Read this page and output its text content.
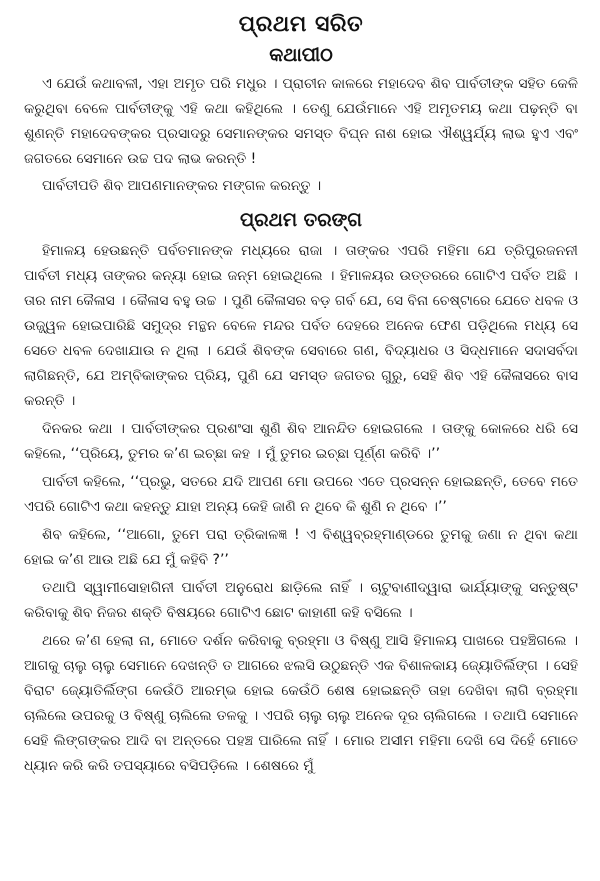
ପ୍ରଥମ ସରିତ
କଥାପୀଠ

ଏ ଯେଉଁ କଥାବଳୀ, ଏହା ଅମୃତ ପରି ମଧୁର । ପ୍ରାଚୀନ କାଳରେ ମହାଦେବ ଶିବ ପାର୍ବତୀଙ୍କ ସହିତ କେଳି କରୁଥିବା ବେଳେ ପାର୍ବତୀଙ୍କୁ ଏହି କଥା କହିଥିଲେ । ତେଣୁ ଯେଉଁମାନେ ଏହି ଅମୃତମୟ କଥା ପଢ଼ନ୍ତି ବା ଶୁଣନ୍ତି ମହାଦେବଙ୍କର ପ୍ରସାଦରୁ ସେମାନଙ୍କର ସମସ୍ତ ବିଘ୍ନ ନାଶ ହୋଇ ଐଶ୍ୱର୍ଯ୍ୟ ଲାଭ ହୁଏ ଏବଂ ଜଗତରେ ସେମାନେ ଉଚ୍ଚ ପଦ ଲାଭ କରନ୍ତି !

ପାର୍ବତୀପତି ଶିବ ଆପଣମାନଙ୍କର ମଙ୍ଗଳ କରନ୍ତୁ ।

ପ୍ରଥମ ତରଙ୍ଗ

ହିମାଳୟ ହେଉଛନ୍ତି ପର୍ବତମାନଙ୍କ ମଧ୍ୟରେ ରାଜା । ତାଙ୍କର ଏପରି ମହିମା ଯେ ତ୍ରିପୁରଜନନୀ ପାର୍ବତୀ ମଧ୍ୟ ତାଙ୍କର କନ୍ୟା ହୋଇ ଜନ୍ମ ହୋଇଥିଲେ । ହିମାଳୟର ଉତ୍ତରରେ ଗୋଟିଏ ପର୍ବତ ଅଛି । ତାର ନାମ କୈଳାସ । କୈଳାସ ବହୁ ଉଚ୍ଚ । ପୁଣି କୈଳାସର ବଡ଼ ଗର୍ବ ଯେ, ସେ ବିନା ଚେଷ୍ଟାରେ ଯେତେ ଧବଳ ଓ ଉଜ୍ଜ୍ୱଳ ହୋଇପାରିଛି ସମୁଦ୍ର ମନ୍ଥନ ବେଳେ ମନ୍ଦର ପର୍ବତ ଦେହରେ ଅନେକ ଫେଣ ପଡ଼ିଥିଲେ ମଧ୍ୟ ସେ ସେତେ ଧବଳ ଦେଖାଯାଉ ନ ଥିଲା । ଯେଉଁ ଶିବଙ୍କ ସେବାରେ ଗଣ, ବିଦ୍ୟାଧର ଓ ସିଦ୍ଧମାନେ ସଦାସର୍ବଦା ଲାଗିଛନ୍ତି, ଯେ ଅମ୍ବିକାଙ୍କର ପ୍ରିୟ, ପୁଣି ଯେ ସମସ୍ତ ଜଗତର ଗୁରୁ, ସେହି ଶିବ ଏହି କୈଳାସରେ ବାସ କରନ୍ତି ।

ଦିନକର କଥା । ପାର୍ବତୀଙ୍କର ପ୍ରଶଂସା ଶୁଣି ଶିବ ଆନନ୍ଦିତ ହୋଇଗଲେ । ତାଙ୍କୁ କୋଳରେ ଧରି ସେ କହିଲେ, ‘‘ପ୍ରିୟେ, ତୁମର କ’ଣ ଇଚ୍ଛା କହ । ମୁଁ ତୁମର ଇଚ୍ଛା ପୂର୍ଣ୍ଣ କରିବି ।’’

ପାର୍ବତୀ କହିଲେ, ‘‘ପ୍ରଭୁ, ସତରେ ଯଦି ଆପଣ ମୋ ଉପରେ ଏତେ ପ୍ରସନ୍ନ ହୋଇଛନ୍ତି, ତେବେ ମତେ ଏପରି ଗୋଟିଏ କଥା କହନ୍ତୁ ଯାହା ଅନ୍ୟ କେହି ଜାଣି ନ ଥିବେ କି ଶୁଣି ନ ଥିବେ ।’’

ଶିବ କହିଲେ, ‘‘ଆଗୋ, ତୁମେ ପରା ତ୍ରିକାଳଜ୍ଞ ! ଏ ବିଶ୍ୱବ୍ରହ୍ମାଣ୍ଡରେ ତୁମକୁ ଜଣା ନ ଥିବା କଥା ହୋଇ କ’ଣ ଆଉ ଅଛି ଯେ ମୁଁ କହିବି ?’’

ତଥାପି ସ୍ୱାମୀସୋହାଗିନୀ ପାର୍ବତୀ ଅନୁରୋଧ ଛାଡ଼ିଲେ ନାହିଁ । ଚାଟୁବାଣୀଦ୍ୱାରା ଭାର୍ଯ୍ୟାଙ୍କୁ ସନ୍ତୁଷ୍ଟ କରିବାକୁ ଶିବ ନିଜର ଶକ୍ତି ବିଷୟରେ ଗୋଟିଏ ଛୋଟ କାହାଣୀ କହି ବସିଲେ ।

ଥରେ କ’ଣ ହେଲା ନା, ମୋତେ ଦର୍ଶନ କରିବାକୁ ବ୍ରହ୍ମା ଓ ବିଷ୍ଣୁ ଆସି ହିମାଳୟ ପାଖରେ ପହଞ୍ଚିଗଲେ । ଆଗକୁ ଚାଲୁ ଚାଲୁ ସେମାନେ ଦେଖନ୍ତି ତ ଆଗରେ ଝଲସି ଉଠୁଛନ୍ତି ଏକ ବିଶାଳକାୟ ଜ୍ୟୋତିର୍ଲିଙ୍ଗ । ସେହି ବିରାଟ ଜ୍ୟୋତିର୍ଲିଙ୍ଗ କେଉଁଠି ଆରମ୍ଭ ହୋଇ କେଉଁଠି ଶେଷ ହୋଇଛନ୍ତି ତାହା ଦେଖିବା ଲାଗି ବ୍ରହ୍ମା ଚାଲିଲେ ଉପରକୁ ଓ ବିଷ୍ଣୁ ଚାଲିଲେ ତଳକୁ । ଏପରି ଚାଲୁ ଚାଲୁ ଅନେକ ଦୂର ଚାଲିଗଲେ । ତଥାପି ସେମାନେ ସେହି ଲିଙ୍ଗଙ୍କର ଆଦି ବା ଅନ୍ତରେ ପହଞ୍ଚ ପାରିଲେ ନାହିଁ । ମୋର ଅସୀମ ମହିମା ଦେଖି ସେ ଦିହେଁ ମୋତେ ଧ୍ୟାନ କରି କରି ତପସ୍ୟାରେ ବସିପଡ଼ିଲେ । ଶେଷରେ ମୁଁ
